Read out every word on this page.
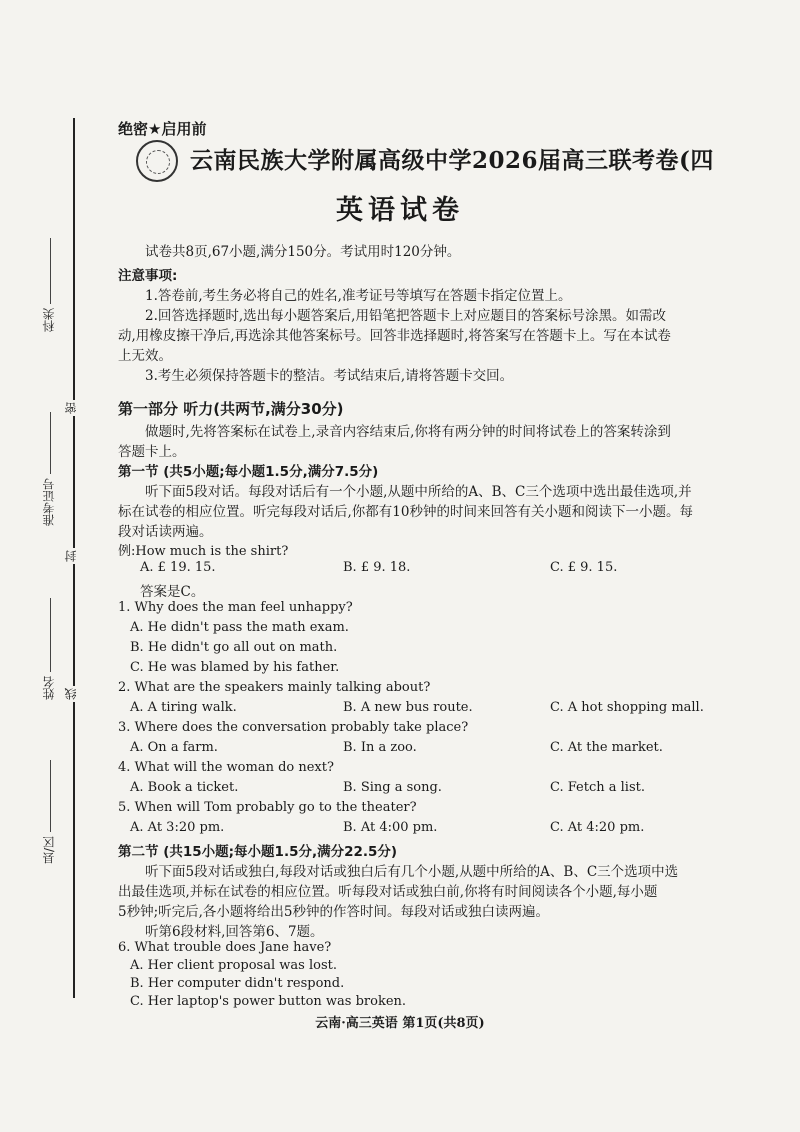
密
封
线
科类
准考证号
姓名
县/区
绝密★启用前
云南民族大学附属高级中学2026届高三联考卷(四
英语试卷
试卷共8页,67小题,满分150分。考试用时120分钟。
注意事项:
1.答卷前,考生务必将自己的姓名,准考证号等填写在答题卡指定位置上。
2.回答选择题时,选出每小题答案后,用铅笔把答题卡上对应题目的答案标号涂黑。如需改
动,用橡皮擦干净后,再选涂其他答案标号。回答非选择题时,将答案写在答题卡上。写在本试卷
上无效。
3.考生必须保持答题卡的整洁。考试结束后,请将答题卡交回。
第一部分 听力(共两节,满分30分)
做题时,先将答案标在试卷上,录音内容结束后,你将有两分钟的时间将试卷上的答案转涂到
答题卡上。
第一节 (共5小题;每小题1.5分,满分7.5分)
听下面5段对话。每段对话后有一个小题,从题中所给的A、B、C三个选项中选出最佳选项,并
标在试卷的相应位置。听完每段对话后,你都有10秒钟的时间来回答有关小题和阅读下一小题。每
段对话读两遍。
例:How much is the shirt?
A. £ 19. 15.	B. £ 9. 18.	C. £ 9. 15.
答案是C。
1. Why does the man feel unhappy?
A. He didn't pass the math exam.
B. He didn't go all out on math.
C. He was blamed by his father.
2. What are the speakers mainly talking about?
A. A tiring walk.	B. A new bus route.	C. A hot shopping mall.
3. Where does the conversation probably take place?
A. On a farm.	B. In a zoo.	C. At the market.
4. What will the woman do next?
A. Book a ticket.	B. Sing a song.	C. Fetch a list.
5. When will Tom probably go to the theater?
A. At 3:20 pm.	B. At 4:00 pm.	C. At 4:20 pm.
第二节 (共15小题;每小题1.5分,满分22.5分)
听下面5段对话或独白,每段对话或独白后有几个小题,从题中所给的A、B、C三个选项中选
出最佳选项,并标在试卷的相应位置。听每段对话或独白前,你将有时间阅读各个小题,每小题
5秒钟;听完后,各小题将给出5秒钟的作答时间。每段对话或独白读两遍。
听第6段材料,回答第6、7题。
6. What trouble does Jane have?
A. Her client proposal was lost.
B. Her computer didn't respond.
C. Her laptop's power button was broken.
云南·高三英语 第1页(共8页)
